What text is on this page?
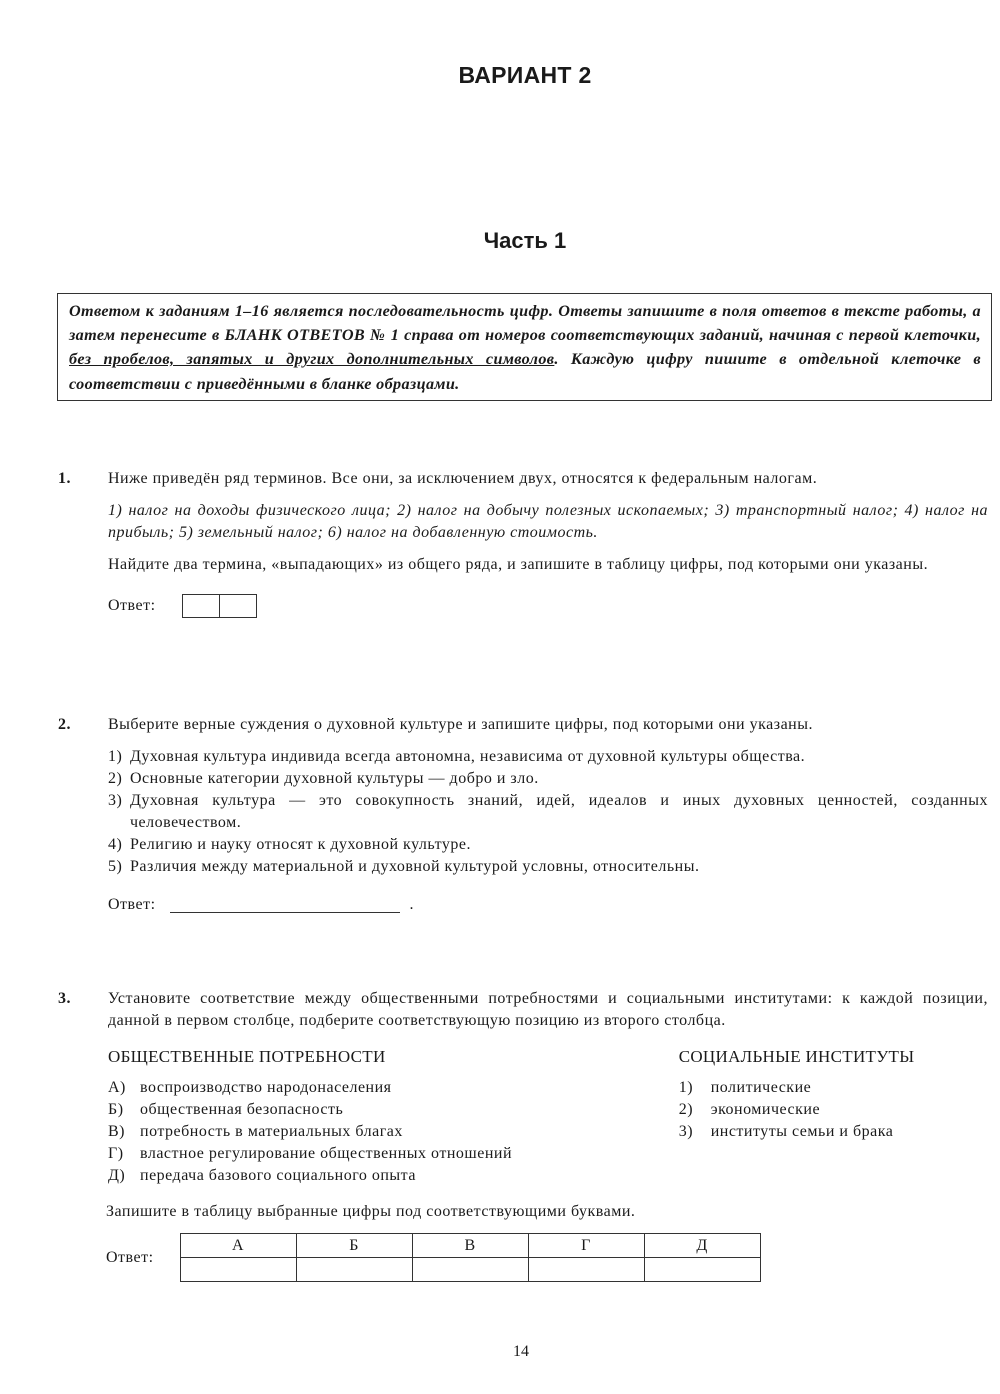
ВАРИАНТ 2
Часть 1
Ответом к заданиям 1–16 является последовательность цифр. Ответы запишите в поля ответов в тексте работы, а затем перенесите в БЛАНК ОТВЕТОВ № 1 справа от номеров соответствующих заданий, начиная с первой клеточки, без пробелов, запятых и других дополнительных символов. Каждую цифру пишите в отдельной клеточке в соответствии с приведёнными в бланке образцами.
1. Ниже приведён ряд терминов. Все они, за исключением двух, относятся к федеральным налогам.

1) налог на доходы физического лица; 2) налог на добычу полезных ископаемых; 3) транспортный налог; 4) налог на прибыль; 5) земельный налог; 6) налог на добавленную стоимость.

Найдите два термина, «выпадающих» из общего ряда, и запишите в таблицу цифры, под которыми они указаны.

Ответ:
2. Выберите верные суждения о духовной культуре и запишите цифры, под которыми они указаны.

1) Духовная культура индивида всегда автономна, независима от духовной культуры общества.
2) Основные категории духовной культуры — добро и зло.
3) Духовная культура — это совокупность знаний, идей, идеалов и иных духовных ценностей, созданных человечеством.
4) Религию и науку относят к духовной культуре.
5) Различия между материальной и духовной культурой условны, относительны.
Ответ:	.
3. Установите соответствие между общественными потребностями и социальными институтами: к каждой позиции, данной в первом столбце, подберите соответствующую позицию из второго столбца.

ОБЩЕСТВЕННЫЕ ПОТРЕБНОСТИ
А) воспроизводство народонаселения
Б)	общественная безопасность
В) потребность в материальных благах
Г)	властное регулирование общественных отношений
Д) передача базового социального опыта
СОЦИАЛЬНЫЕ ИНСТИТУТЫ
1)	политические
2)	экономические
3)	институты семьи и брака

Запишите в таблицу выбранные цифры под соответствующими буквами.

Ответ:
А	Б	В	Г	Д

14
